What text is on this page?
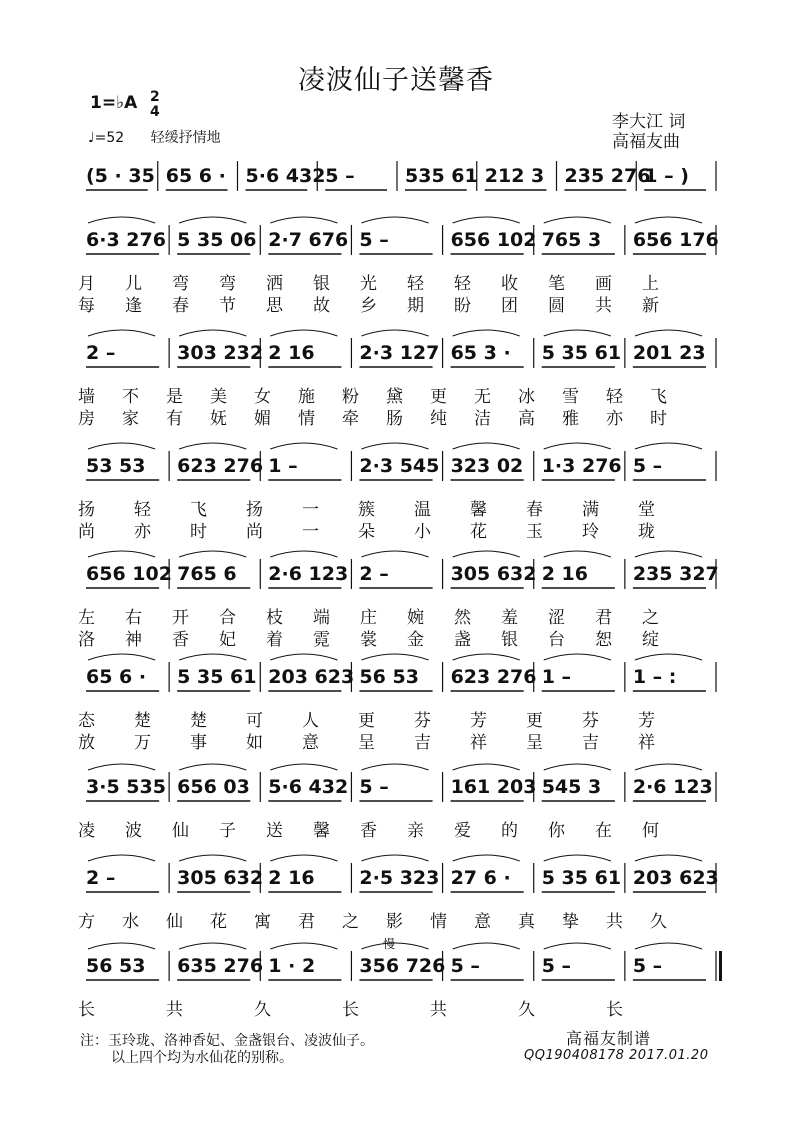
凌波仙子送馨香
1=♭A 2
4
♩=52 轻缓抒情地
李大江 词
高福友曲
慢
(5 · 35 65 6 · 5·6 432 5 –	535 61 212 3 235 276
1 – )
6·3 276 5 35 06 2·7 676 5 –	656 102 765 3 656 176
月儿弯弯洒银光轻轻收笔画上
每逢春节思故乡期盼团圆共新
2 –	303 232 2 16 2·3 127 65 3 · 5 35 61 201 23
墙不是美女施粉黛更无冰雪轻飞
房家有妩媚情牵肠纯洁高雅亦时
53 53 623 276 1 –	2·3 545 323 02 1·3 276 5 –
扬轻飞扬一簇温馨春满堂
尚亦时尚一朵小花玉玲珑
656 102 765 6 2·6 123 2 –	305 632 2 16 235 327
左右开合枝端庄婉然羞涩君之
洛神香妃着霓裳金盏银台恕绽
65 6 · 5 35 61 203 623 56 53 623 276 1 –	1 – :
态楚楚可人更芬芳更芬芳
放万事如意呈吉祥呈吉祥
3·5 535 656 03 5·6 432 5 –	161 203 545 3 2·6 123
凌波仙子送馨香亲爱的你在何
2 –	305 632 2 16 2·5 323 27 6 · 5 35 61 203 623
方水仙花寓君之影情意真挚共久
56 53 635 276 1 · 2 356 726 5 –	5 –	5 –
长共久长共久长
注：玉玲珑、洛神香妃、金盏银台、凌波仙子。
以上四个均为水仙花的别称。
高福友制谱
QQ190408178 2017.01.20
